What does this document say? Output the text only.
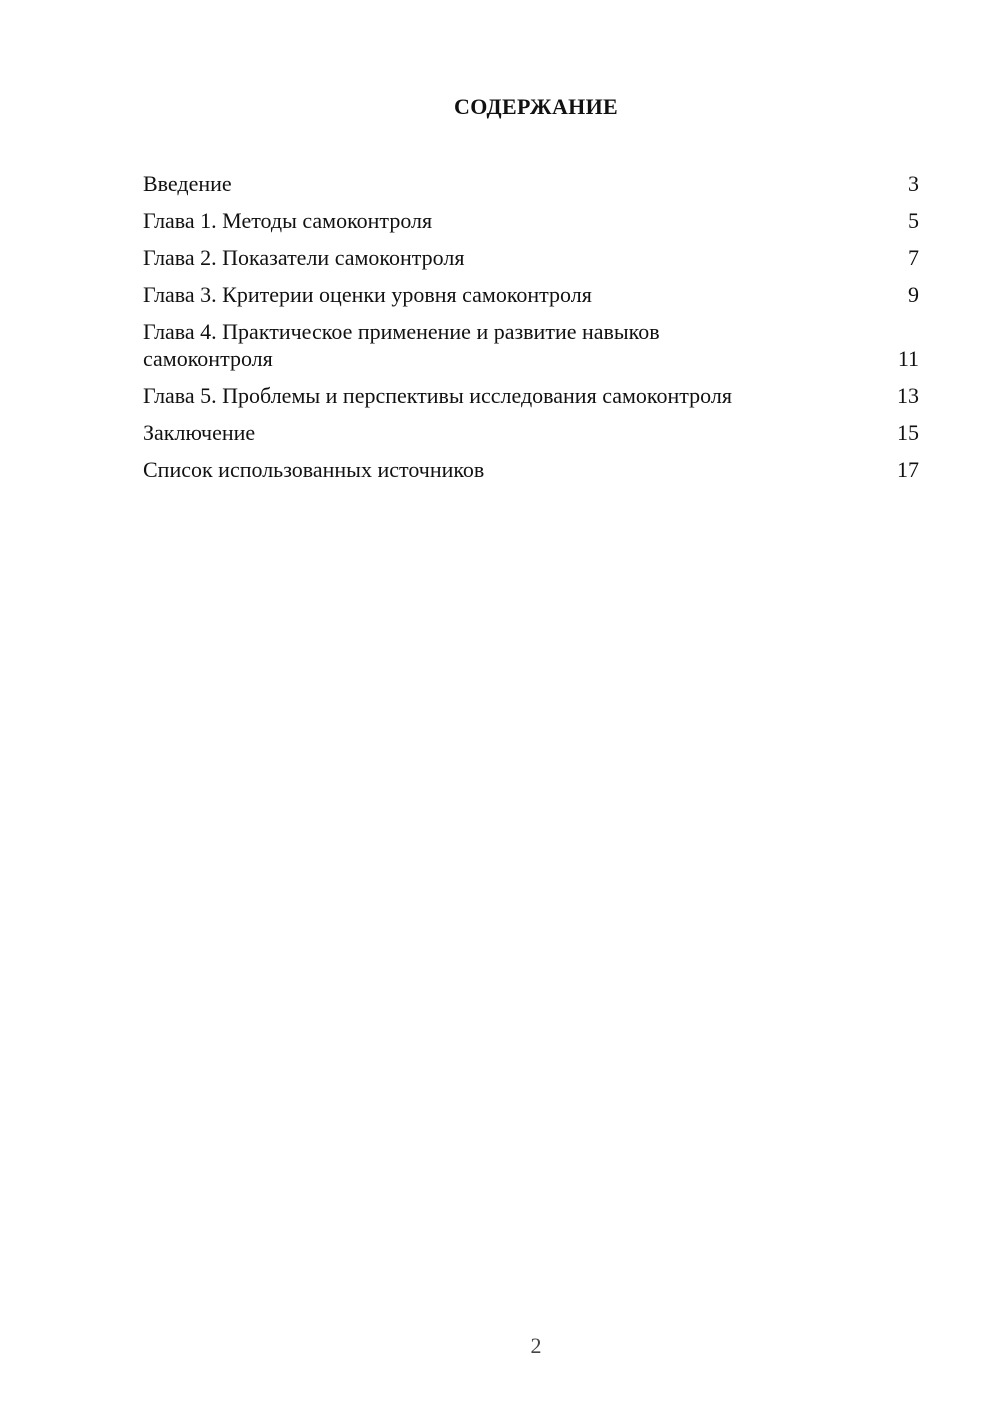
СОДЕРЖАНИЕ
Введение	3
Глава 1. Методы самоконтроля	5
Глава 2. Показатели самоконтроля	7
Глава 3. Критерии оценки уровня самоконтроля	9
Глава 4. Практическое применение и развитие навыков
самоконтроля	11
Глава 5. Проблемы и перспективы исследования самоконтроля	13
Заключение	15
Список использованных источников	17
2
